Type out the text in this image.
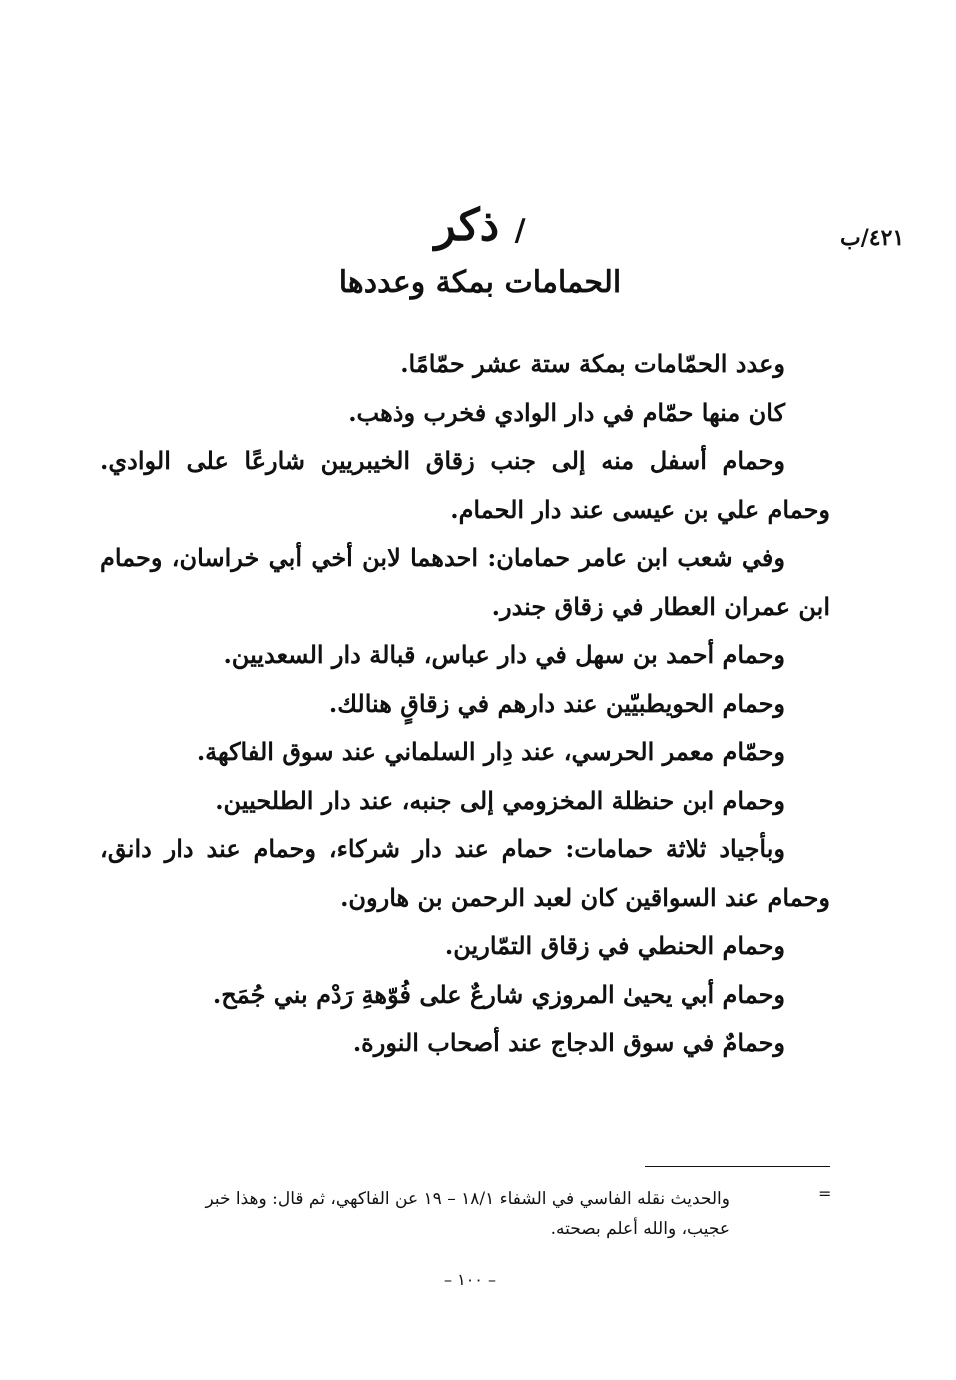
٤٢١/ب
/ ذكر
الحمامات بمكة وعددها

وعدد الحمّامات بمكة ستة عشر حمّامًا.

كان منها حمّام في دار الوادي فخرب وذهب.

وحمام أسفل منه إلى جنب زقاق الخيبريين شارعًا على الوادي. وحمام علي بن عيسى عند دار الحمام.

وفي شعب ابن عامر حمامان: احدهما لابن أخي أبي خراسان، وحمام ابن عمران العطار في زقاق جندر.

وحمام أحمد بن سهل في دار عباس، قبالة دار السعديين.

وحمام الحويطبيّين عند دارهم في زقاقٍ هنالك.

وحمّام معمر الحرسي، عند دِار السلماني عند سوق الفاكهة.

وحمام ابن حنظلة المخزومي إلى جنبه، عند دار الطلحيين.

وبأجياد ثلاثة حمامات: حمام عند دار شركاء، وحمام عند دار دانق، وحمام عند السواقين كان لعبد الرحمن بن هارون.

وحمام الحنطي في زقاق التمّارين.

وحمام أبي يحيىٰ المروزي شارعٌ على فُوّهةِ رَدْم بني جُمَح.

وحمامٌ في سوق الدجاج عند أصحاب النورة.

=
والحديث نقله الفاسي في الشفاء ١٨/١ – ١٩ عن الفاكهي، ثم قال: وهذا خبر
عجيب، والله أعلم بصحته.
– ١٠٠ –
